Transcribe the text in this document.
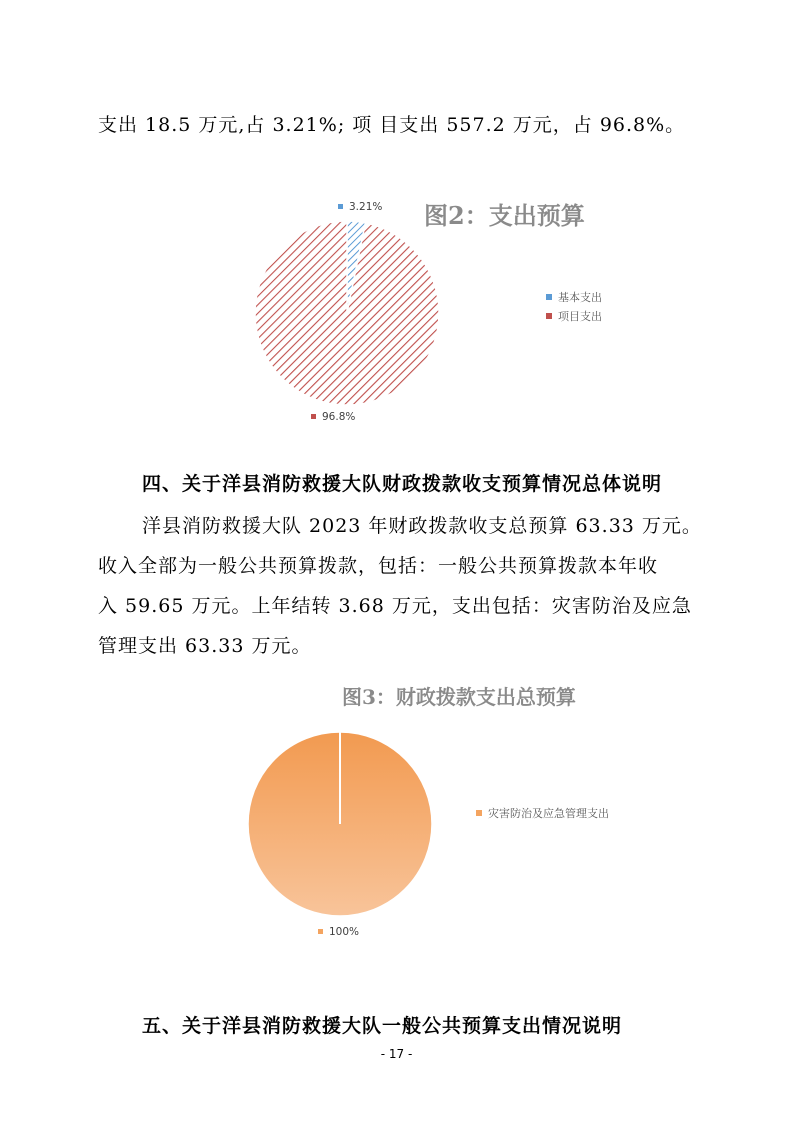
支出 18.5 万元,占 3.21%; 项 目支出 557.2 万元，占 96.8%。
图2：支出预算
3.21%
96.8%
基本支出
项目支出
四、关于洋县消防救援大队财政拨款收支预算情况总体说明
洋县消防救援大队 2023 年财政拨款收支总预算 63.33 万元。
收入全部为一般公共预算拨款，包括：一般公共预算拨款本年收
入 59.65 万元。上年结转 3.68 万元，支出包括：灾害防治及应急
管理支出 63.33 万元。
图3：财政拨款支出总预算
灾害防治及应急管理支出
100%
五、关于洋县消防救援大队一般公共预算支出情况说明
- 17 -
